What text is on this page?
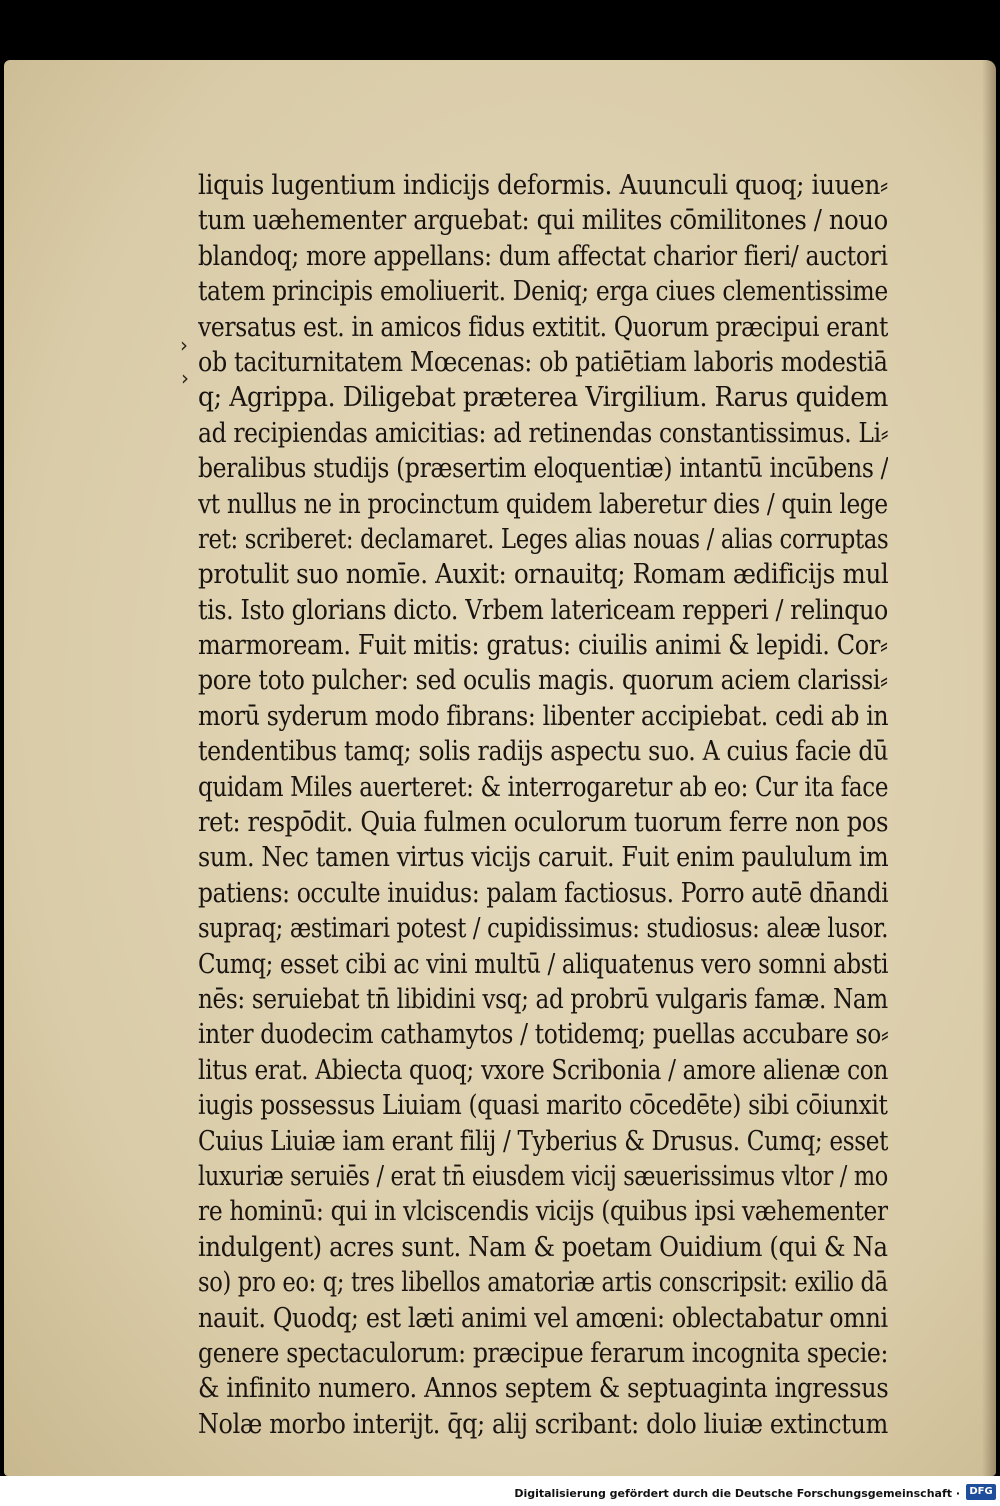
›
›
liquis lugentium indicijs deformis. Auunculi quoq; iuuen⸗
tum uæhementer arguebat: qui milites cōmilitones / nouo
blandoq; more appellans: dum affectat charior fieri/ auctori
tatem principis emoliuerit. Deniq; erga ciues clementissime
versatus est. in amicos fidus extitit. Quorum præcipui erant
ob taciturnitatem Mœcenas: ob patiētiam laboris modestiā
q; Agrippa. Diligebat præterea Virgilium. Rarus quidem
ad recipiendas amicitias: ad retinendas constantissimus. Li⸗
beralibus studijs (præsertim eloquentiæ) intantū incūbens /
vt nullus ne in procinctum quidem laberetur dies / quin lege
ret: scriberet: declamaret. Leges alias nouas / alias corruptas
protulit suo nomīe. Auxit: ornauitq; Romam ædificijs mul
tis. Isto glorians dicto. Vrbem latericeam repperi / relinquo
marmoream. Fuit mitis: gratus: ciuilis animi & lepidi. Cor⸗
pore toto pulcher: sed oculis magis. quorum aciem clarissi⸗
morū syderum modo fibrans: libenter accipiebat. cedi ab in
tendentibus tamq; solis radijs aspectu suo. A cuius facie dū
quidam Miles auerteret: & interrogaretur ab eo: Cur ita face
ret: respōdit. Quia fulmen oculorum tuorum ferre non pos
sum. Nec tamen virtus vicijs caruit. Fuit enim paululum im
patiens: occulte inuidus: palam factiosus. Porro autē dn̄andi
supraq; æstimari potest / cupidissimus: studiosus: aleæ lusor.
Cumq; esset cibi ac vini multū / aliquatenus vero somni absti
nēs: seruiebat tn̄ libidini vsq; ad probrū vulgaris famæ. Nam
inter duodecim cathamytos / totidemq; puellas accubare so⸗
litus erat. Abiecta quoq; vxore Scribonia / amore alienæ con
iugis possessus Liuiam (quasi marito cōcedēte) sibi cōiunxit
Cuius Liuiæ iam erant filij / Tyberius & Drusus. Cumq; esset
luxuriæ seruiēs / erat tn̄ eiusdem vicij sæuerissimus vltor / mo
re hominū: qui in vlciscendis vicijs (quibus ipsi væhementer
indulgent) acres sunt. Nam & poetam Ouidium (qui & Na
so) pro eo: q; tres libellos amatoriæ artis conscripsit: exilio dā
nauit. Quodq; est læti animi vel amœni: oblectabatur omni
genere spectaculorum: præcipue ferarum incognita specie:
& infinito numero. Annos septem & septuaginta ingressus
Nolæ morbo interijt. q̄q; alij scribant: dolo liuiæ extinctum
Digitalisierung gefördert durch die Deutsche Forschungsgemeinschaft · DFG
